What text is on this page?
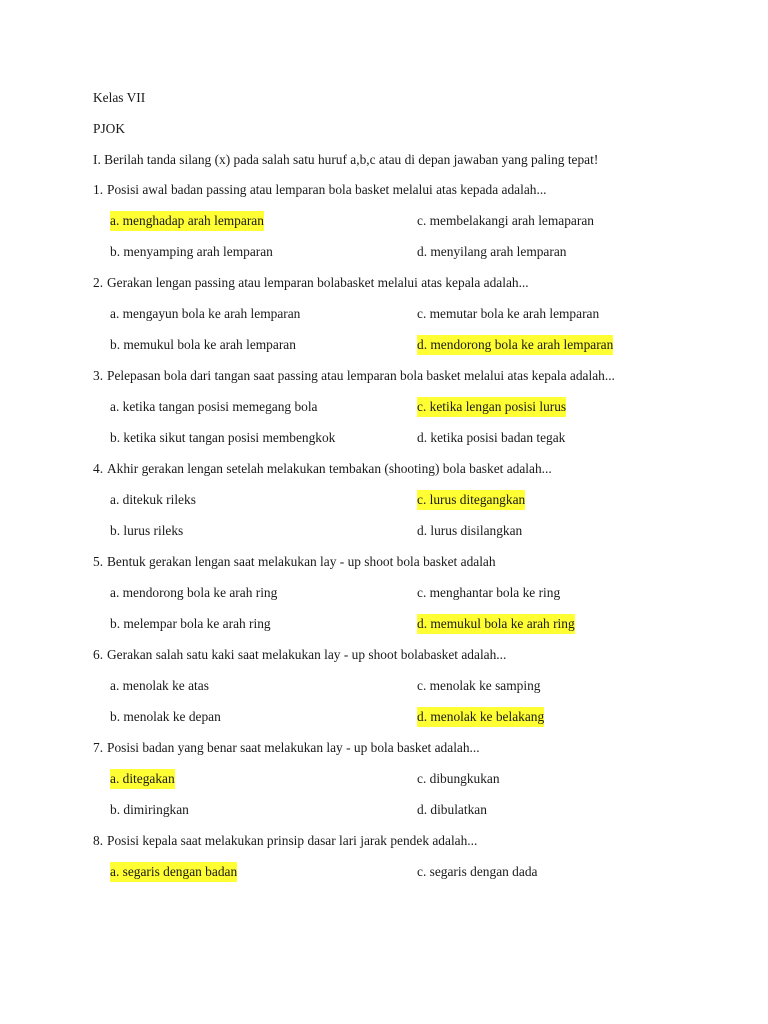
Kelas VII
PJOK
I. Berilah tanda silang (x) pada salah satu huruf a,b,c atau di depan jawaban yang paling tepat!
1. Posisi awal badan passing atau lemparan bola basket melalui atas kepada adalah...
a. menghadap arah lemparan	c. membelakangi arah lemaparan
b. menyamping arah lemparan	d. menyilang arah lemparan
2. Gerakan lengan passing atau lemparan bolabasket melalui atas kepala adalah...
a. mengayun bola ke arah lemparan	c. memutar bola ke arah lemparan
b. memukul bola ke arah lemparan	d. mendorong bola ke arah lemparan
3. Pelepasan bola dari tangan saat passing atau lemparan bola basket melalui atas kepala adalah...
a. ketika tangan posisi memegang bola	c. ketika lengan posisi lurus
b. ketika sikut tangan posisi membengkok	d. ketika posisi badan tegak
4. Akhir gerakan lengan setelah melakukan tembakan (shooting) bola basket adalah...
a. ditekuk rileks	c. lurus ditegangkan
b. lurus rileks	d. lurus disilangkan
5. Bentuk gerakan lengan saat melakukan lay - up shoot bola basket adalah
a. mendorong bola ke arah ring	c. menghantar bola ke ring
b. melempar bola ke arah ring	d. memukul bola ke arah ring
6. Gerakan salah satu kaki saat melakukan lay - up shoot bolabasket adalah...
a. menolak ke atas	c. menolak ke samping
b. menolak ke depan	d. menolak ke belakang
7. Posisi badan yang benar saat melakukan lay - up bola basket adalah...
a. ditegakan	c. dibungkukan
b. dimiringkan	d. dibulatkan
8. Posisi kepala saat melakukan prinsip dasar lari jarak pendek adalah...
a. segaris dengan badan	c. segaris dengan dada
